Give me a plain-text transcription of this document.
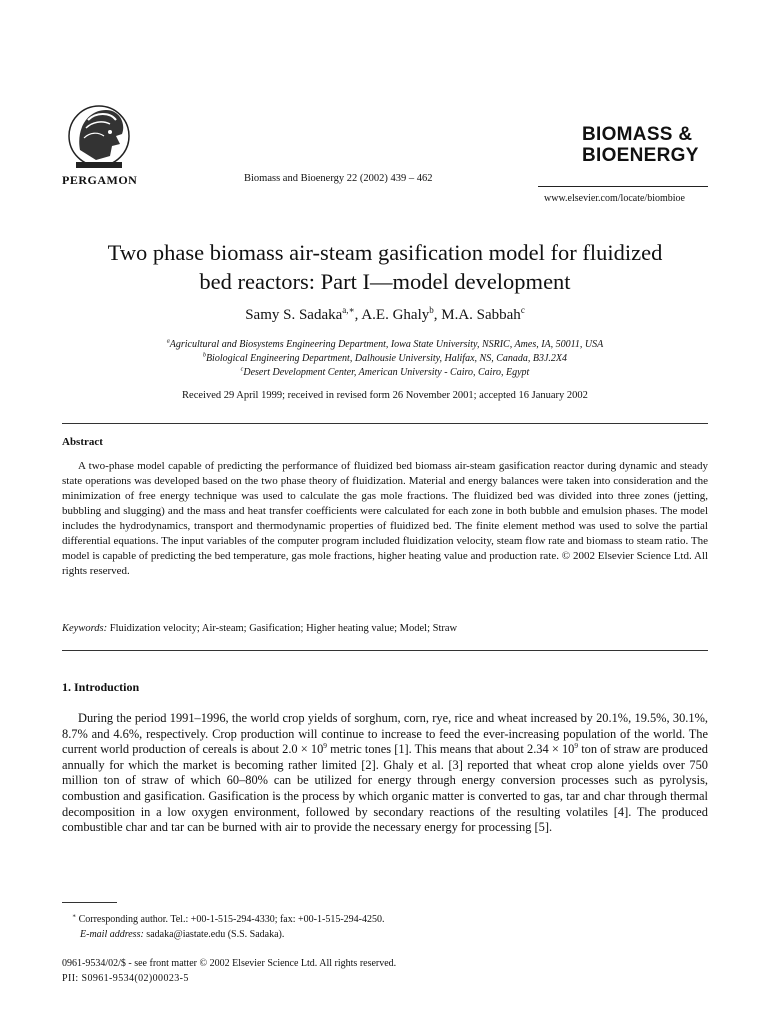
PERGAMON	Biomass and Bioenergy 22 (2002) 439 – 462
BIOMASS &
BIOENERGY
www.elsevier.com/locate/biombioe
Two phase biomass air-steam gasification model for fluidized
bed reactors: Part I—model development
Samy S. Sadaka$^{a,∗}$, A.E. Ghaly$^b$, M.A. Sabbah$^c$
$^a$Agricultural and Biosystems Engineering Department, Iowa State University, NSRIC, Ames, IA, 50011, USA
$^b$Biological Engineering Department, Dalhousie University, Halifax, NS, Canada, B3J.2X4
$^c$Desert Development Center, American University - Cairo, Cairo, Egypt
Received 29 April 1999; received in revised form 26 November 2001; accepted 16 January 2002
Abstract
A two-phase model capable of predicting the performance of fluidized bed biomass air-steam gasification reactor during dynamic and steady state operations was developed based on the two phase theory of fluidization. Material and energy balances were taken into consideration and the minimization of free energy technique was used to calculate the gas mole fractions. The fluidized bed was divided into three zones (jetting, bubbling and slugging) and the mass and heat transfer coefficients were calculated for each zone in both bubble and emulsion phases. The model includes the hydrodynamics, transport and thermodynamic properties of fluidized bed. The finite element method was used to solve the partial differential equations. The input variables of the computer program included fluidization velocity, steam flow rate and biomass to steam ratio. The model is capable of predicting the bed temperature, gas mole fractions, higher heating value and production rate. © 2002 Elsevier Science Ltd. All rights reserved.
Keywords: Fluidization velocity; Air-steam; Gasification; Higher heating value; Model; Straw
1. Introduction
During the period 1991–1996, the world crop yields of sorghum, corn, rye, rice and wheat increased by 20.1%, 19.5%, 30.1%, 8.7% and 4.6%, respectively. Crop production will continue to increase to feed the ever-increasing population of the world. The current world production of cereals is about $2.0 \times 10^9$ metric tones [1]. This means that about $2.34 \times 10^9$ ton of straw are produced annually for which the market is becoming rather limited [2]. Ghaly et al. [3] reported that wheat crop alone yields over 750 million ton of straw of which 60–80% can be utilized for energy through energy conversion processes such as pyrolysis, combustion and gasification. Gasification is the process by which organic matter is converted to gas, tar and char through thermal decomposition in a low oxygen environment, followed by secondary reactions of the resulting volatiles [4]. The produced combustible char and tar can be burned with air to provide the necessary energy for processing [5].
∗ Corresponding author. Tel.: +00-1-515-294-4330; fax: +00-1-515-294-4250.
E-mail address: sadaka@iastate.edu (S.S. Sadaka).
0961-9534/02/$ - see front matter © 2002 Elsevier Science Ltd. All rights reserved.
PII: S0961-9534(02)00023-5
